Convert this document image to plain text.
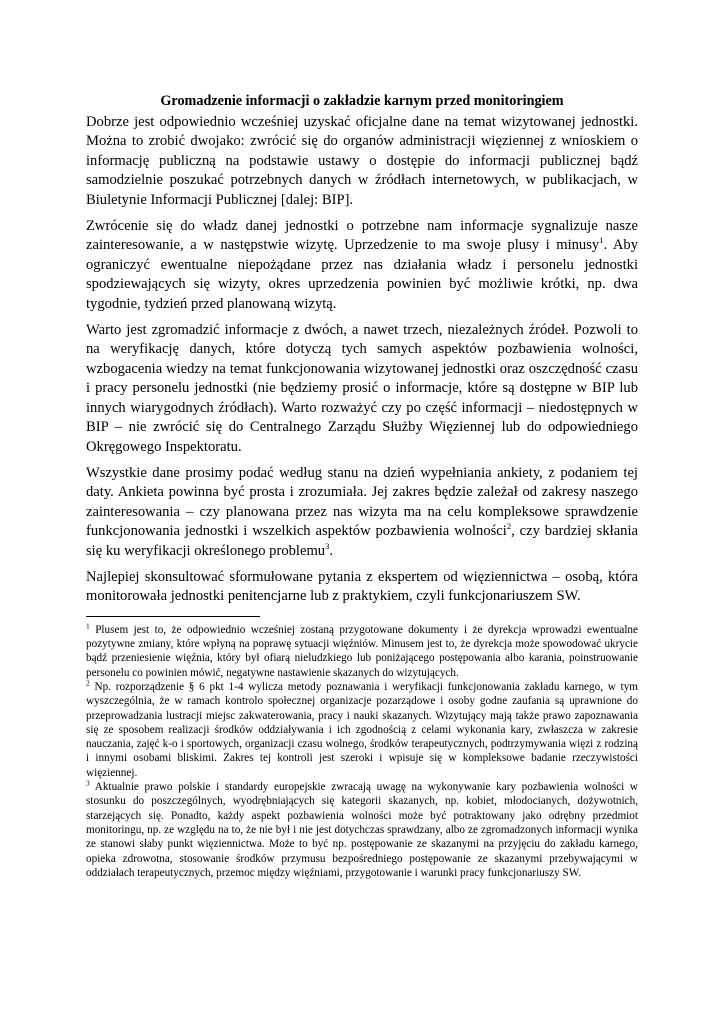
Gromadzenie informacji o zakładzie karnym przed monitoringiem

Dobrze jest odpowiednio wcześniej uzyskać oficjalne dane na temat wizytowanej jednostki. Można to zrobić dwojako: zwrócić się do organów administracji więziennej z wnioskiem o informację publiczną na podstawie ustawy o dostępie do informacji publicznej bądź samodzielnie poszukać potrzebnych danych w źródłach internetowych, w publikacjach, w Biuletynie Informacji Publicznej [dalej: BIP].

Zwrócenie się do władz danej jednostki o potrzebne nam informacje sygnalizuje nasze zainteresowanie, a w następstwie wizytę. Uprzedzenie to ma swoje plusy i minusy$^1$. Aby ograniczyć ewentualne niepożądane przez nas działania władz i personelu jednostki spodziewających się wizyty, okres uprzedzenia powinien być możliwie krótki, np. dwa tygodnie, tydzień przed planowaną wizytą.

Warto jest zgromadzić informacje z dwóch, a nawet trzech, niezależnych źródeł. Pozwoli to na weryfikację danych, które dotyczą tych samych aspektów pozbawienia wolności, wzbogacenia wiedzy na temat funkcjonowania wizytowanej jednostki oraz oszczędność czasu i pracy personelu jednostki (nie będziemy prosić o informacje, które są dostępne w BIP lub innych wiarygodnych źródłach). Warto rozważyć czy po część informacji – niedostępnych w BIP – nie zwrócić się do Centralnego Zarządu Służby Więziennej lub do odpowiedniego Okręgowego Inspektoratu.

Wszystkie dane prosimy podać według stanu na dzień wypełniania ankiety, z podaniem tej daty. Ankieta powinna być prosta i zrozumiała. Jej zakres będzie zależał od zakresy naszego zainteresowania – czy planowana przez nas wizyta ma na celu kompleksowe sprawdzenie funkcjonowania jednostki i wszelkich aspektów pozbawienia wolności$^2$, czy bardziej skłania się ku weryfikacji określonego problemu$^3$.

Najlepiej skonsultować sformułowane pytania z ekspertem od więziennictwa – osobą, która monitorowała jednostki penitencjarne lub z praktykiem, czyli funkcjonariuszem SW.

$^1$ Plusem jest to, że odpowiednio wcześniej zostaną przygotowane dokumenty i że dyrekcja wprowadzi ewentualne pozytywne zmiany, które wpłyną na poprawę sytuacji więźniów. Minusem jest to, że dyrekcja może spowodować ukrycie bądź przeniesienie więźnia, który był ofiarą nieludzkiego lub poniżającego postępowania albo karania, poinstruowanie personelu co powinien mówić, negatywne nastawienie skazanych do wizytujących.

$^2$ Np. rozporządzenie § 6 pkt 1-4 wylicza metody poznawania i weryfikacji funkcjonowania zakładu karnego, w tym wyszczególnia, że w ramach kontrolo społecznej organizacje pozarządowe i osoby godne zaufania są uprawnione do przeprowadzania lustracji miejsc zakwaterowania, pracy i nauki skazanych. Wizytujący mają także prawo zapoznawania się ze sposobem realizacji środków oddziaływania i ich zgodnością z celami wykonania kary, zwłaszcza w zakresie nauczania, zajęć k-o i sportowych, organizacji czasu wolnego, środków terapeutycznych, podtrzymywania więzi z rodziną i innymi osobami bliskimi. Zakres tej kontroli jest szeroki i wpisuje się w kompleksowe badanie rzeczywistości więziennej.

$^3$ Aktualnie prawo polskie i standardy europejskie zwracają uwagę na wykonywanie kary pozbawienia wolności w stosunku do poszczególnych, wyodrębniających się kategorii skazanych, np. kobiet, młodocianych, dożywotnich, starzejących się. Ponadto, każdy aspekt pozbawienia wolności może być potraktowany jako odrębny przedmiot monitoringu, np. ze względu na to, że nie był i nie jest dotychczas sprawdzany, albo ze zgromadzonych informacji wynika ze stanowi słaby punkt więziennictwa. Może to być np. postępowanie ze skazanymi na przyjęciu do zakładu karnego, opieka zdrowotna, stosowanie środków przymusu bezpośredniego postępowanie ze skazanymi przebywającymi w oddziałach terapeutycznych, przemoc między więźniami, przygotowanie i warunki pracy funkcjonariuszy SW.
